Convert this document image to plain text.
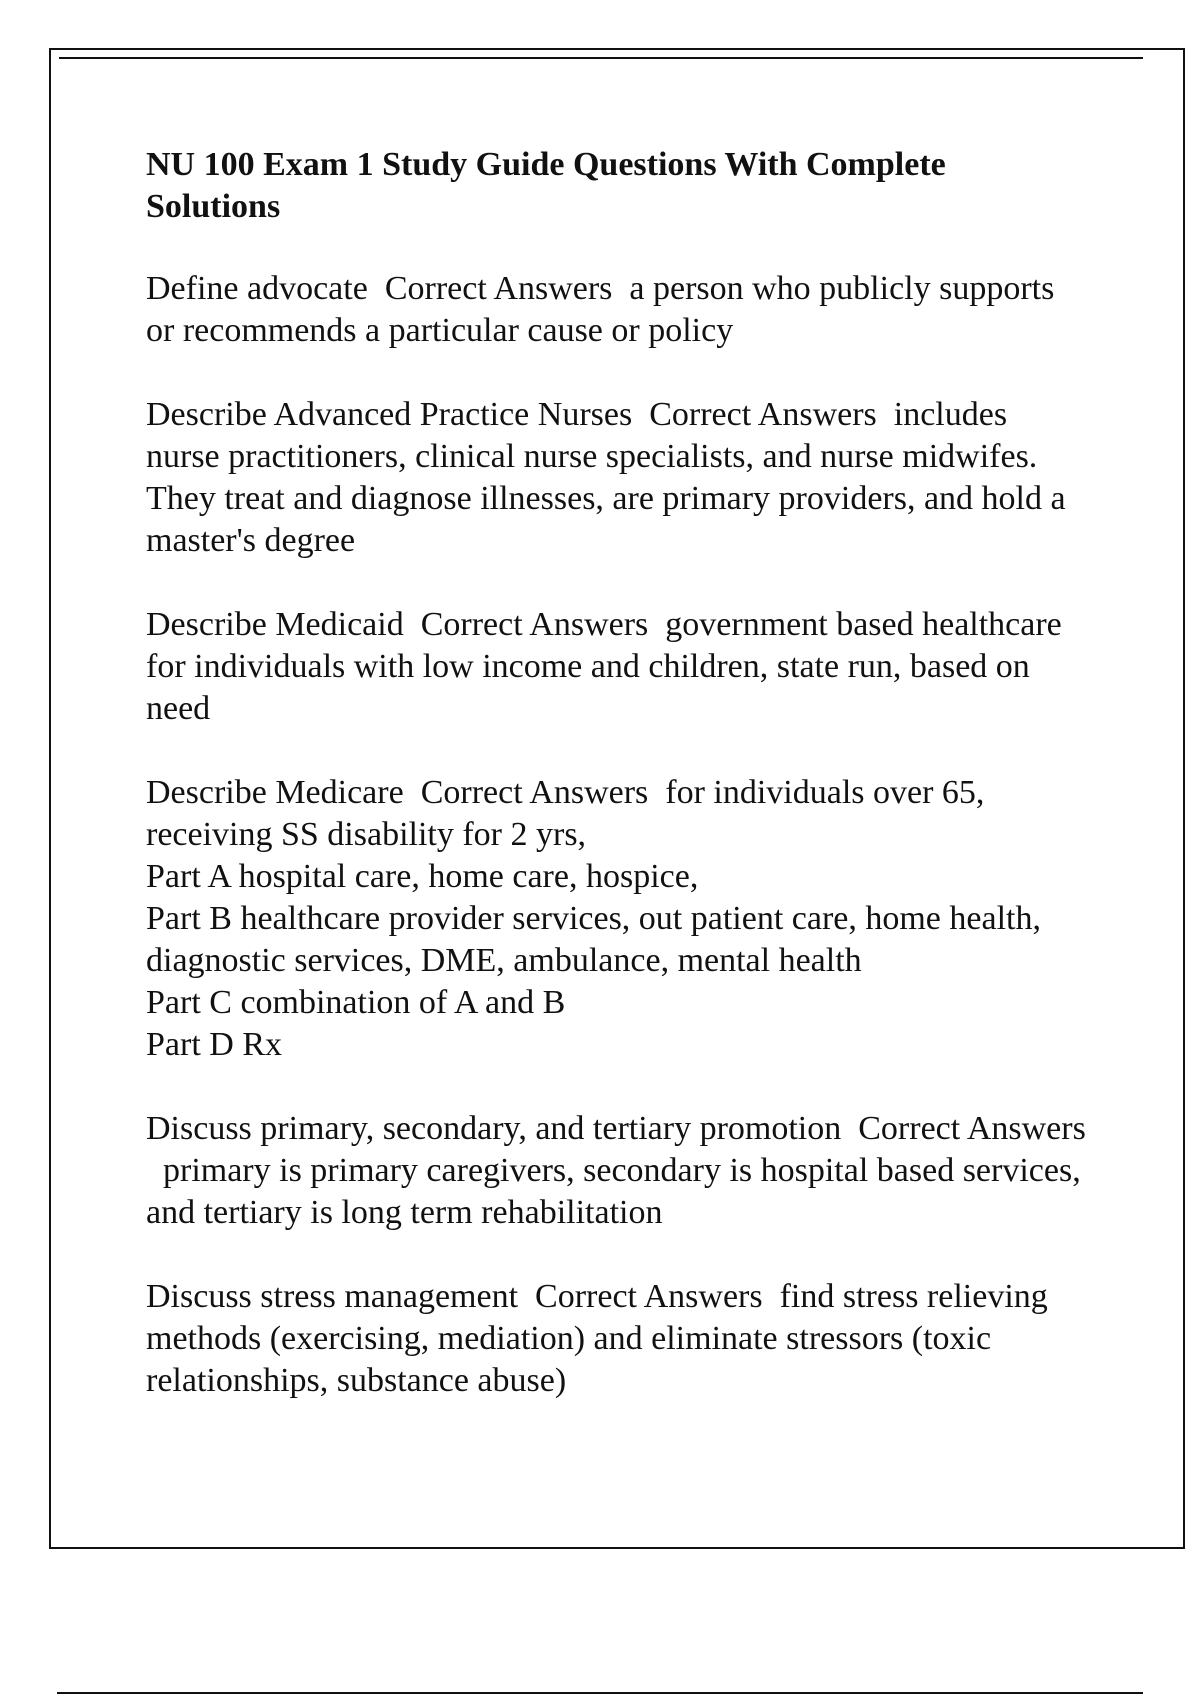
NU 100 Exam 1 Study Guide Questions With Complete Solutions
Define advocate Correct Answers a person who publicly supports or recommends a particular cause or policy
Describe Advanced Practice Nurses Correct Answers includes nurse practitioners, clinical nurse specialists, and nurse midwifes. They treat and diagnose illnesses, are primary providers, and hold a master's degree
Describe Medicaid Correct Answers government based healthcare for individuals with low income and children, state run, based on need
Describe Medicare Correct Answers for individuals over 65, receiving SS disability for 2 yrs,
Part A hospital care, home care, hospice,
Part B healthcare provider services, out patient care, home health, diagnostic services, DME, ambulance, mental health
Part C combination of A and B
Part D Rx
Discuss primary, secondary, and tertiary promotion Correct Answers  primary is primary caregivers, secondary is hospital based services, and tertiary is long term rehabilitation
Discuss stress management Correct Answers find stress relieving methods (exercising, mediation) and eliminate stressors (toxic relationships, substance abuse)
